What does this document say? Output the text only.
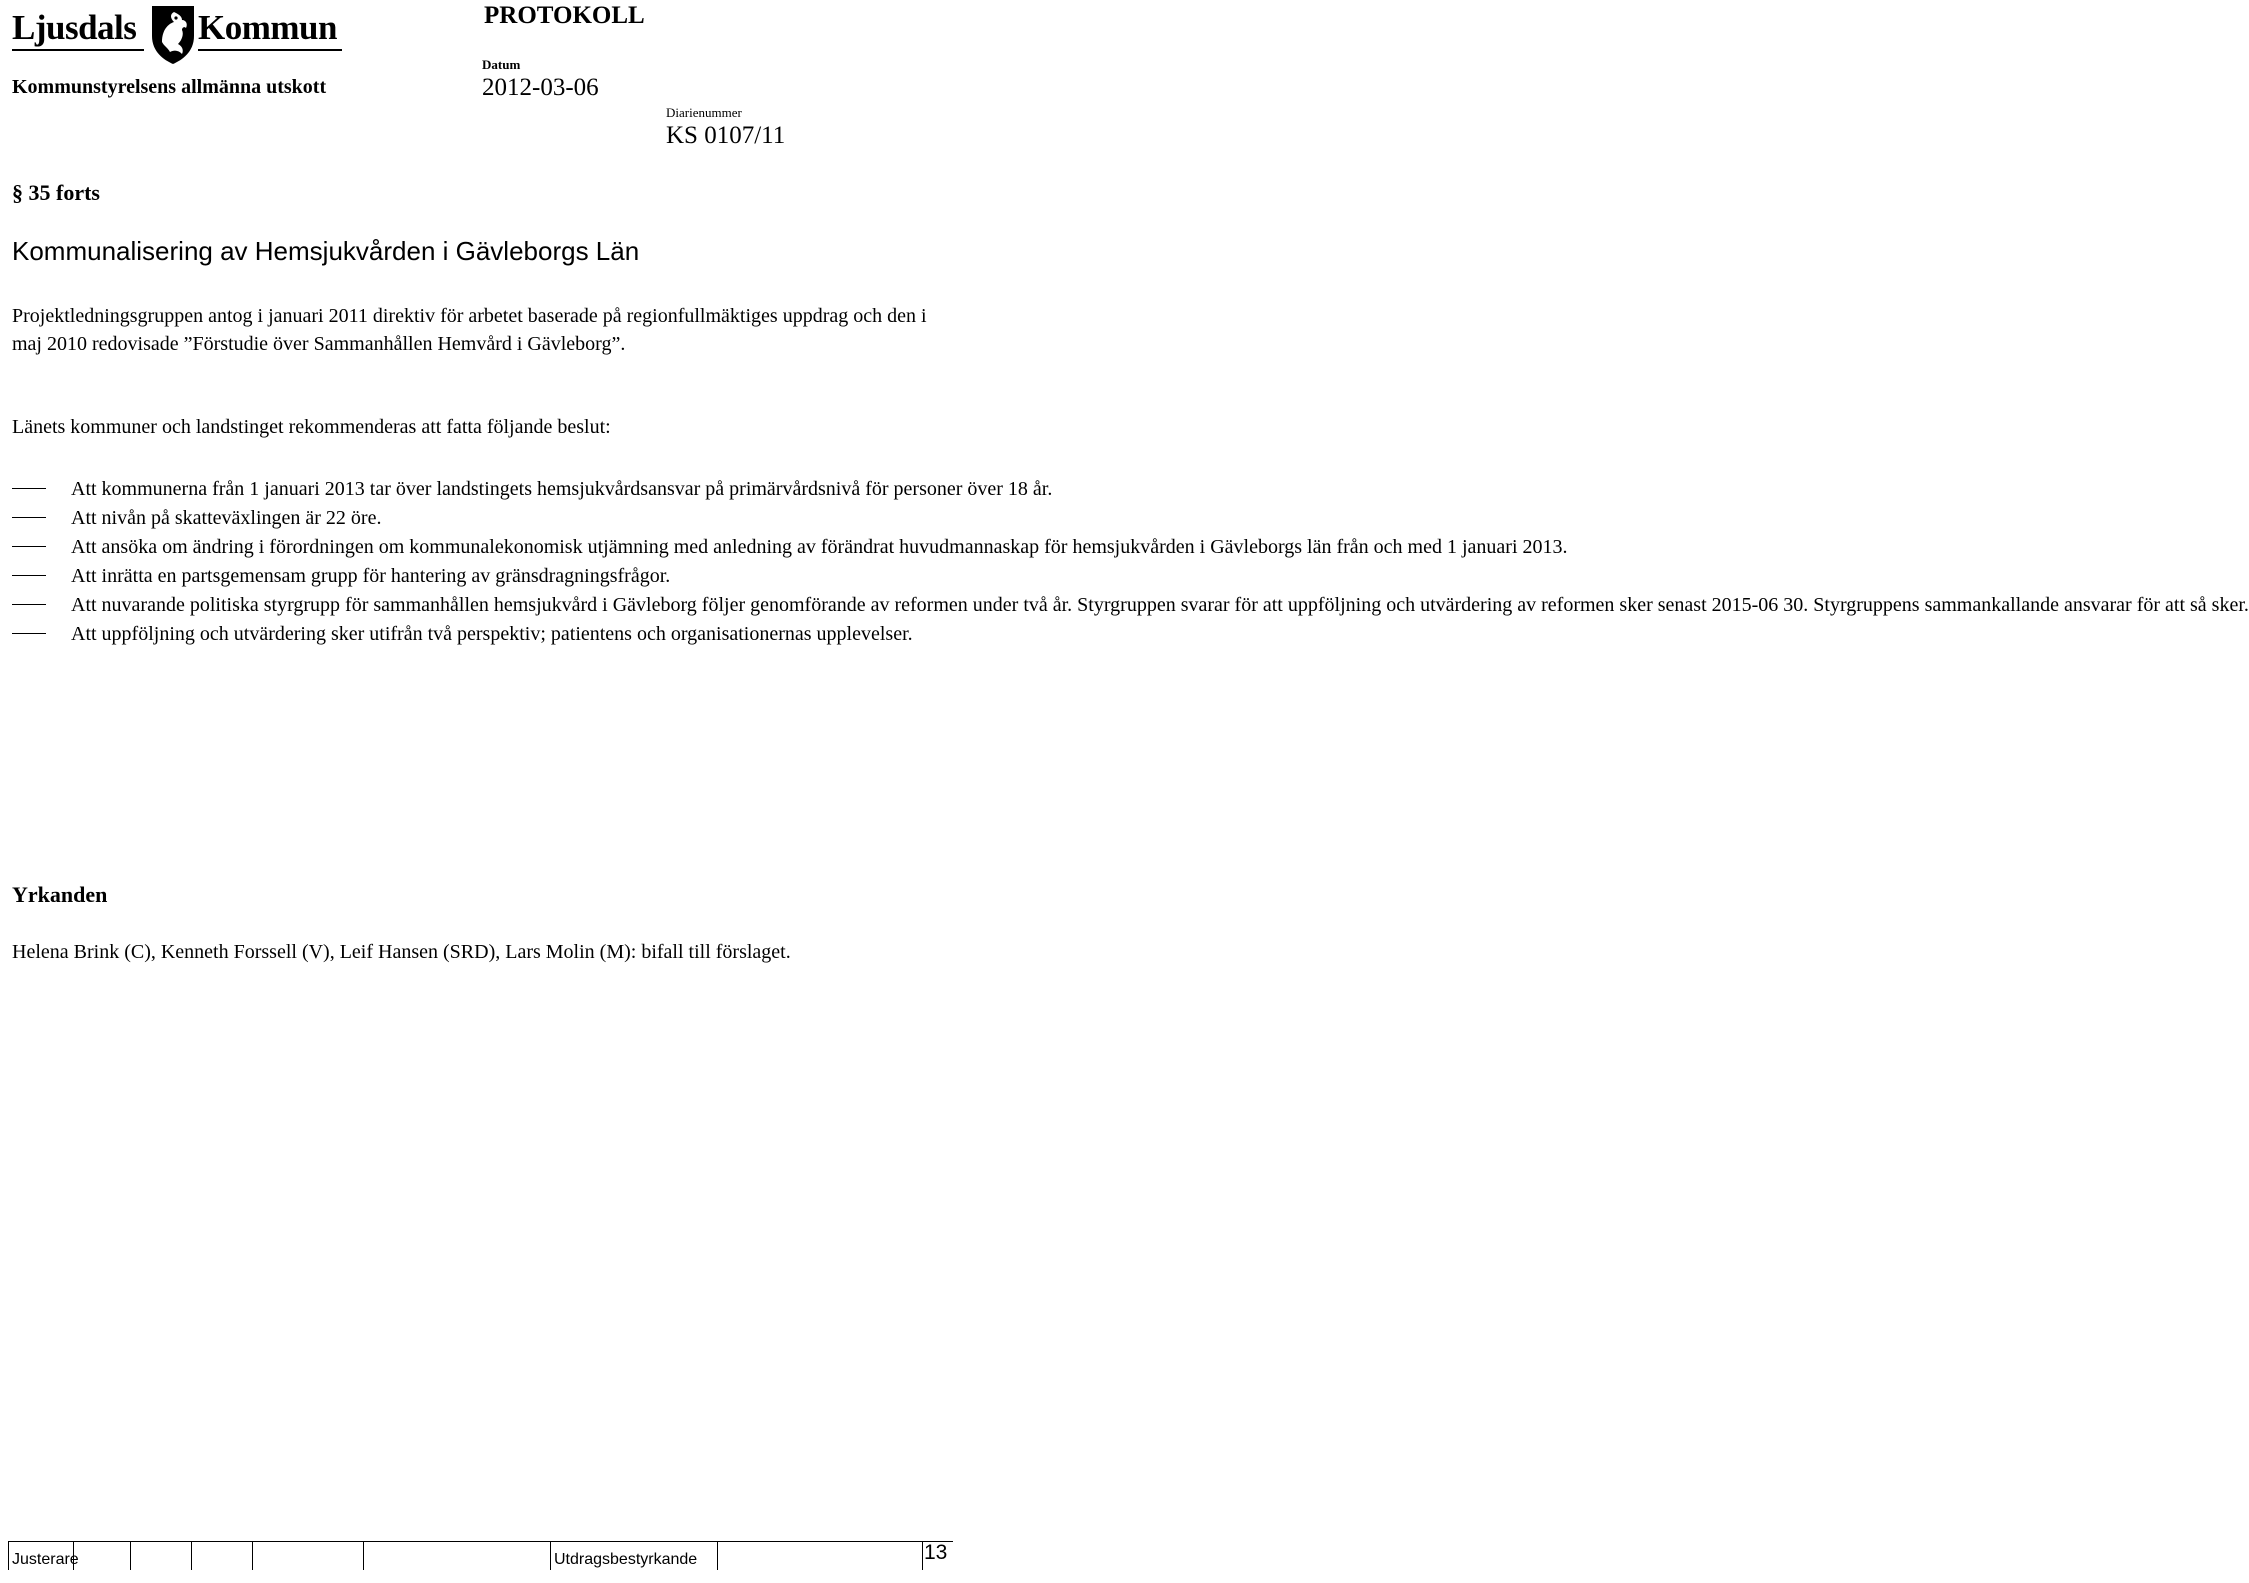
Ljusdals Kommun	PROTOKOLL
Kommunstyrelsens allmänna utskott
Datum
2012-03-06
Diarienummer
KS 0107/11
§ 35 forts
Kommunalisering av Hemsjukvården i Gävleborgs Län
Projektledningsgruppen antog i januari 2011 direktiv för arbetet baserade på regionfullmäktiges uppdrag och den i maj 2010 redovisade ”Förstudie över Sammanhållen Hemvård i Gävleborg”.
Länets kommuner och landstinget rekommenderas att fatta följande beslut:
Att kommunerna från 1 januari 2013 tar över landstingets hemsjukvårdsansvar på primärvårdsnivå för personer över 18 år.
Att nivån på skatteväxlingen är 22 öre.
Att ansöka om ändring i förordningen om kommunalekonomisk utjämning med anledning av förändrat huvudmannaskap för hemsjukvården i Gävleborgs län från och med 1 januari 2013.
Att inrätta en partsgemensam grupp för hantering av gränsdragningsfrågor.
Att nuvarande politiska styrgrupp för sammanhållen hemsjukvård i Gävleborg följer genomförande av reformen under två år. Styrgruppen svarar för att uppföljning och utvärdering av reformen sker senast 2015-06 30. Styrgruppens sammankallande ansvarar för att så sker.
Att uppföljning och utvärdering sker utifrån två perspektiv; patientens och organisationernas upplevelser.
Yrkanden
Helena Brink (C), Kenneth Forssell (V), Leif Hansen (SRD), Lars Molin (M): bifall till förslaget.
Justerare	Utdragsbestyrkande	13
